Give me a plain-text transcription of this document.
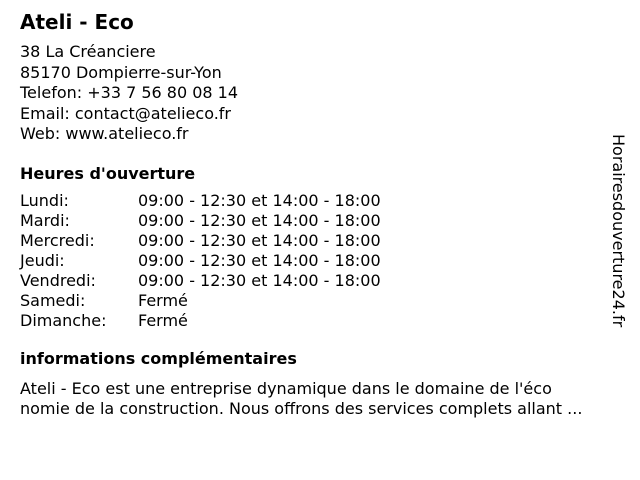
Ateli - Eco
38 La Créanciere
85170 Dompierre-sur-Yon
Telefon: +33 7 56 80 08 14
Email: contact@atelieco.fr
Web: www.atelieco.fr
Heures d'ouverture
Lundi:	09:00 - 12:30 et 14:00 - 18:00
Mardi:	09:00 - 12:30 et 14:00 - 18:00
Mercredi:	09:00 - 12:30 et 14:00 - 18:00
Jeudi:	09:00 - 12:30 et 14:00 - 18:00
Vendredi:	09:00 - 12:30 et 14:00 - 18:00
Samedi:	Fermé
Dimanche:	Fermé
informations complémentaires
Ateli - Eco est une entreprise dynamique dans le domaine de l'éco
nomie de la construction. Nous offrons des services complets allant ...
Horairesdouverture24.fr
